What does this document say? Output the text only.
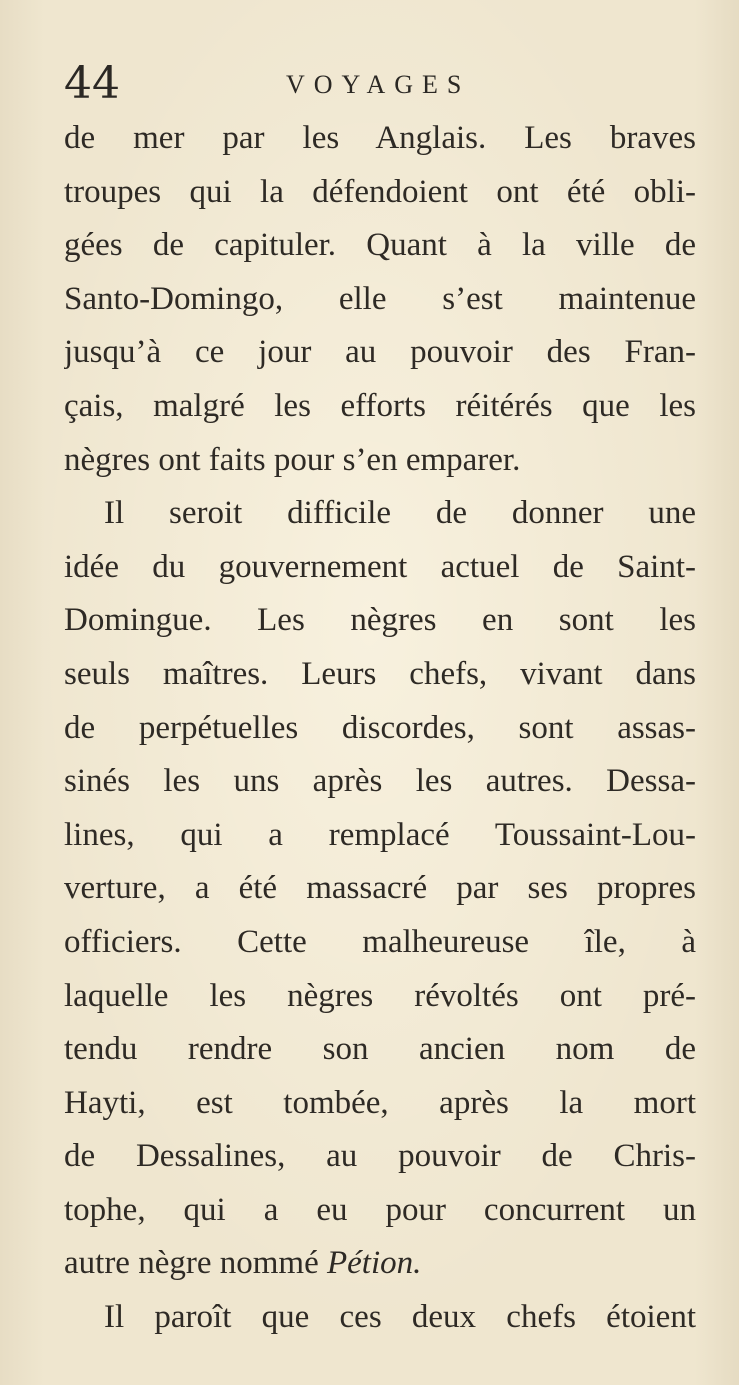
44	VOYAGES
de mer par les Anglais. Les braves
troupes qui la défendoient ont été obli-
gées de capituler. Quant à la ville de
Santo-Domingo, elle s’est maintenue
jusqu’à ce jour au pouvoir des Fran-
çais, malgré les efforts réitérés que les
nègres ont faits pour s’en emparer.
Il seroit difficile de donner une
idée du gouvernement actuel de Saint-
Domingue. Les nègres en sont les
seuls maîtres. Leurs chefs, vivant dans
de perpétuelles discordes, sont assas-
sinés les uns après les autres. Dessa-
lines, qui a remplacé Toussaint-Lou-
verture, a été massacré par ses propres
officiers. Cette malheureuse île, à
laquelle les nègres révoltés ont pré-
tendu rendre son ancien nom de
Hayti, est tombée, après la mort
de Dessalines, au pouvoir de Chris-
tophe, qui a eu pour concurrent un
autre nègre nommé Pétion.
Il paroît que ces deux chefs étoient
